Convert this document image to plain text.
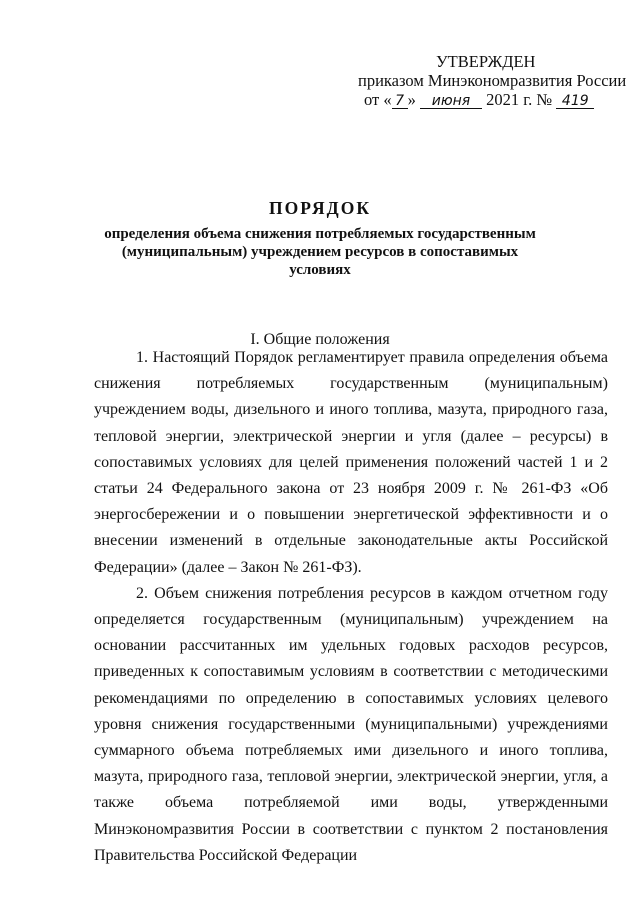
УТВЕРЖДЕН
приказом Минэкономразвития России
от « 7 » июня 2021 г. № 419
ПОРЯДОК
определения объема снижения потребляемых государственным (муниципальным) учреждением ресурсов в сопоставимых условиях
I. Общие положения

1. Настоящий Порядок регламентирует правила определения объема снижения потребляемых государственным (муниципальным) учреждением воды, дизельного и иного топлива, мазута, природного газа, тепловой энергии, электрической энергии и угля (далее – ресурсы) в сопоставимых условиях для целей применения положений частей 1 и 2 статьи 24 Федерального закона от 23 ноября 2009 г. № 261-ФЗ «Об энергосбережении и о повышении энергетической эффективности и о внесении изменений в отдельные законодательные акты Российской Федерации» (далее – Закон № 261-ФЗ).

2. Объем снижения потребления ресурсов в каждом отчетном году определяется государственным (муниципальным) учреждением на основании рассчитанных им удельных годовых расходов ресурсов, приведенных к сопоставимым условиям в соответствии с методическими рекомендациями по определению в сопоставимых условиях целевого уровня снижения государственными (муниципальными) учреждениями суммарного объема потребляемых ими дизельного и иного топлива, мазута, природного газа, тепловой энергии, электрической энергии, угля, а также объема потребляемой ими воды, утвержденными Минэкономразвития России в соответствии с пунктом 2 постановления Правительства Российской Федерации
